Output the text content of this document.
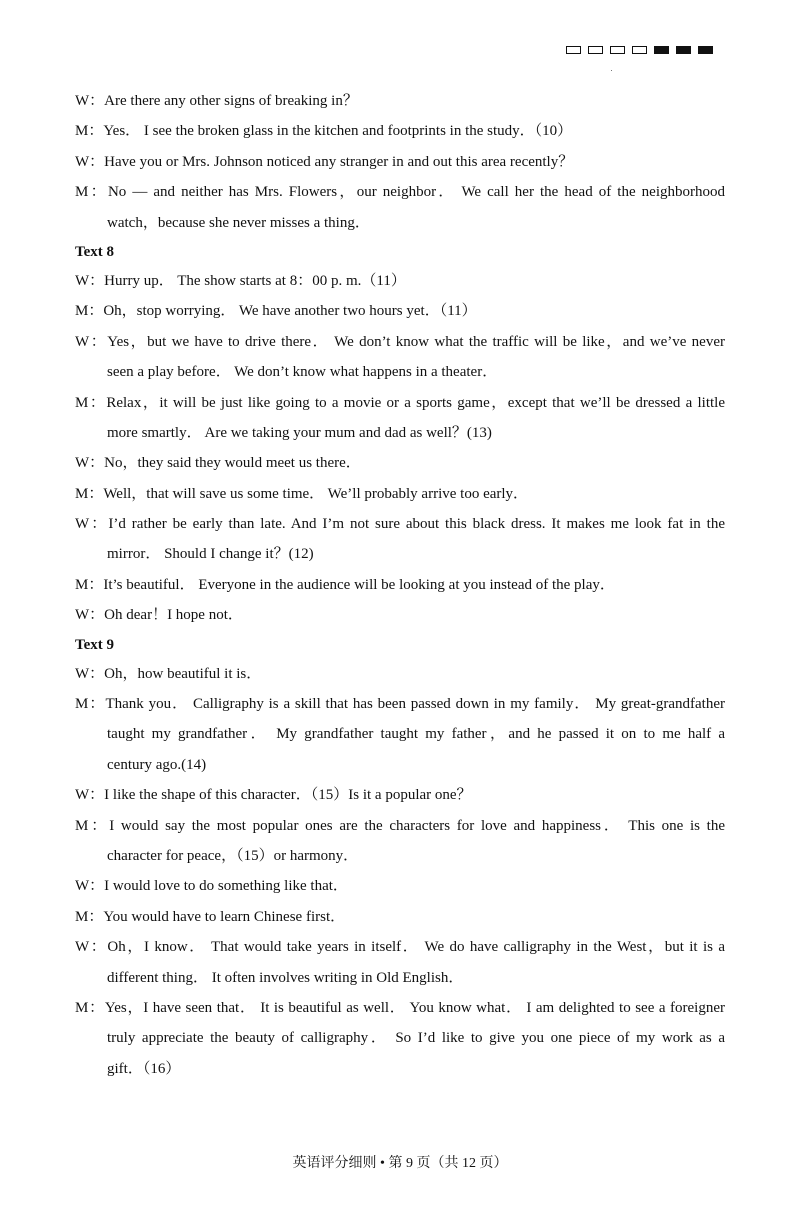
W：Are there any other signs of breaking in？
M：Yes． I see the broken glass in the kitchen and footprints in the study．（10）
W：Have you or Mrs. Johnson noticed any stranger in and out this area recently？
M：No — and neither has Mrs. Flowers，our neighbor． We call her the head of the neighborhood
watch，because she never misses a thing．
Text 8
W：Hurry up． The show starts at 8：00 p. m.（11）
M：Oh，stop worrying． We have another two hours yet．（11）
W：Yes，but we have to drive there． We don’t know what the traffic will be like，and we’ve never
seen a play before． We don’t know what happens in a theater．
M：Relax，it will be just like going to a movie or a sports game，except that we’ll be dressed a little
more smartly． Are we taking your mum and dad as well？(13)
W：No，they said they would meet us there．
M：Well，that will save us some time． We’ll probably arrive too early．
W：I’d rather be early than late. And I’m not sure about this black dress. It makes me look fat in the
mirror． Should I change it？(12)
M：It’s beautiful． Everyone in the audience will be looking at you instead of the play．
W：Oh dear！I hope not．
Text 9
W：Oh，how beautiful it is．
M：Thank you． Calligraphy is a skill that has been passed down in my family． My great-grandfather
taught my grandfather． My grandfather taught my father，and he passed it on to me half a
century ago.(14)
W：I like the shape of this character．（15）Is it a popular one？
M：I would say the most popular ones are the characters for love and happiness． This one is the
character for peace，（15）or harmony．
W：I would love to do something like that．
M：You would have to learn Chinese first．
W：Oh，I know． That would take years in itself． We do have calligraphy in the West，but it is a
different thing． It often involves writing in Old English．
M：Yes，I have seen that． It is beautiful as well． You know what． I am delighted to see a foreigner
truly appreciate the beauty of calligraphy． So I’d like to give you one piece of my work as a
gift．（16）
英语评分细则 • 第 9 页（共 12 页）
